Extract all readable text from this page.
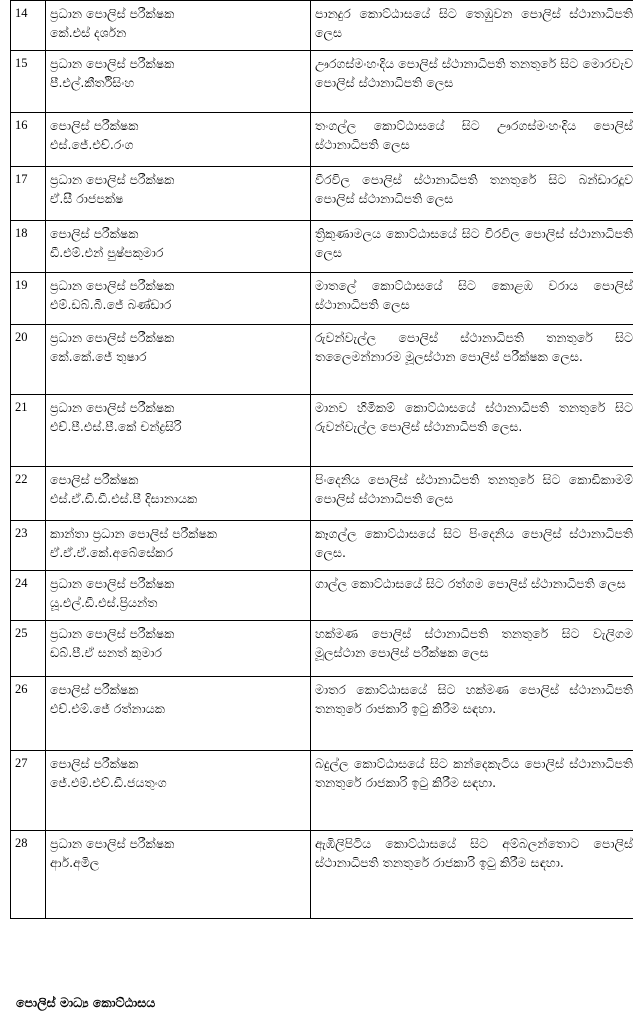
14	ප්‍රධාන පොලිස් පරීක්ෂක
කේ.එස් දර්ශන	පානදුර කොට්ඨාසයේ සිට තෙඹුවන පොලිස් ස්ථානාධිපති ලෙස

15	ප්‍රධාන පොලිස් පරීක්ෂක
පී.එල්.කීර්තිසිංහ	ඌරගස්මංහංදිය පොලිස් ස්ථානාධිපති තනතුරේ සිට මොරවැව පොලිස් ස්ථානාධිපති ලෙස

16	පොලිස් පරීක්ෂක
එස්.ජේ.එච්.රංග	තංගල්ල කොට්ඨාසයේ සිට ඌරගස්මංහංදිය පොලිස් ස්ථානාධිපති ලෙස

17	ප්‍රධාන පොලිස් පරීක්ෂක
ඒ.සී රාජපක්ෂ	වීරවිල පොලිස් ස්ථානාධිපති තනතුරේ සිට බන්ඩාරදූව පොලිස් ස්ථානාධිපති ලෙස

18	පොලිස් පරීක්ෂක
ඩී.එම්.එන් පුෂ්පකුමාර	ත්‍රිකුණාමලය කොට්ඨාසයේ සිට වීරවිල පොලිස් ස්ථානාධිපති ලෙස

19	ප්‍රධාන පොලිස් පරීක්ෂක
එම්.ඩබ්.බී.ජේ බණ්ඩාර	මාතලේ කොට්ඨාසයේ සිට කොළඹ වරාය පොලිස් ස්ථානාධිපති ලෙස

20	ප්‍රධාන පොලිස් පරීක්ෂක
කේ.කේ.ජේ තුෂාර	රුවන්වැල්ල පොලිස් ස්ථානාධිපති තනතුරේ සිට තලෛමන්නාරම මූලස්ථාන පොලිස් පරීක්ෂක ලෙස.

21	ප්‍රධාන පොලිස් පරීක්ෂක
එච්.පී.එස්.පී.කේ චන්ද්‍රසිරි	මානව හිමිකම් කොට්ඨාසයේ ස්ථානාධිපති තනතුරේ සිට රුවන්වැල්ල පොලිස් ස්ථානාධිපති ලෙස.

22	පොලිස් පරීක්ෂක
එස්.ඒ.ඩී.ඩී.එස්.පී දිසානායක	පිංදෙනිය පොලිස් ස්ථානාධිපති තනතුරේ සිට කොඩිකාමම් පොලිස් ස්ථානාධිපති ලෙස

23	කාන්තා ප්‍රධාන පොලිස් පරීක්ෂක
ඒ.ඒ.ඒ.කේ.අබේසේකර	කෑගල්ල කොට්ඨාසයේ සිට පිංදෙනිය පොලිස් ස්ථානාධිපති ලෙස.

24	ප්‍රධාන පොලිස් පරීක්ෂක
යූ.එල්.ඩී.එස්.ප්‍රියන්ත	ගාල්ල කොට්ඨාසයේ සිට රත්ගම පොලිස් ස්ථානාධිපති ලෙස

25	ප්‍රධාන පොලිස් පරීක්ෂක
ඩබ්.පී.ඒ සනත් කුමාර	හක්මණ පොලිස් ස්ථානාධිපති තනතුරේ සිට වැලිගම මූලස්ථාන පොලිස් පරීක්ෂක ලෙස

26	පොලිස් පරීක්ෂක
එච්.එම්.ජේ රත්නායක	මාතර කොට්ඨාසයේ සිට හක්මණ පොලිස් ස්ථානාධිපති තනතුරේ රාජකාරි ඉටු කිරීම සඳහා.

27	පොලිස් පරීක්ෂක
ජේ.එම්.එච්.ඩී.ජයතුංග	බදුල්ල කොට්ඨාසයේ සිට කන්දෙකැටිය පොලිස් ස්ථානාධිපති තනතුරේ රාජකාරි ඉටු කිරීම සඳහා.

28	ප්‍රධාන පොලිස් පරීක්ෂක
ආර්.අමිල	ඇඹිලිපිටිය කොට්ඨාසයේ සිට අම්බලන්තොට පොලිස් ස්ථානාධිපති තනතුරේ රාජකාරි ඉටු කිරීම සඳහා.
පොලිස් මාධ්‍ය කොට්ඨාසය
